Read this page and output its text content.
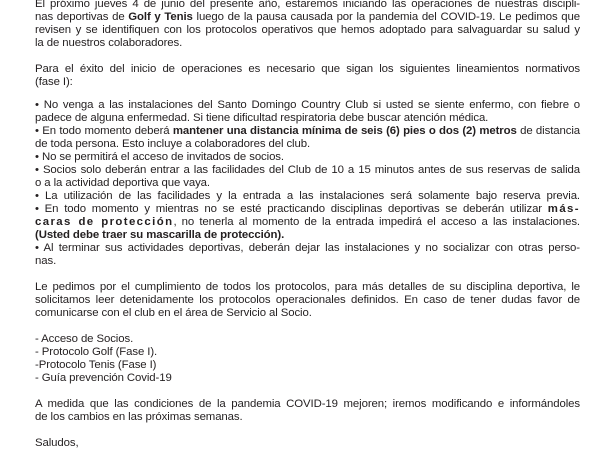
El próximo jueves 4 de junio del presente año, estaremos iniciando las operaciones de nuestras discipli-
nas deportivas de Golf y Tenis luego de la pausa causada por la pandemia del COVID-19. Le pedimos que
revisen y se identifiquen con los protocolos operativos que hemos adoptado para salvaguardar su salud y
la de nuestros colaboradores.
Para el éxito del inicio de operaciones es necesario que sigan los siguientes lineamientos normativos
(fase I):
• No venga a las instalaciones del Santo Domingo Country Club si usted se siente enfermo, con fiebre o
padece de alguna enfermedad. Si tiene dificultad respiratoria debe buscar atención médica.
• En todo momento deberá mantener una distancia mínima de seis (6) pies o dos (2) metros de distancia
de toda persona. Esto incluye a colaboradores del club.
• No se permitirá el acceso de invitados de socios.
• Socios solo deberán entrar a las facilidades del Club de 10 a 15 minutos antes de sus reservas de salida
o a la actividad deportiva que vaya.
• La utilización de las facilidades y la entrada a las instalaciones será solamente bajo reserva previa.
• En todo momento y mientras no se esté practicando disciplinas deportivas se deberán utilizar más-
caras de protección, no tenerla al momento de la entrada impedirá el acceso a las instalaciones.
(Usted debe traer su mascarilla de protección).
• Al terminar sus actividades deportivas, deberán dejar las instalaciones y no socializar con otras perso-
nas.
Le pedimos por el cumplimiento de todos los protocolos, para más detalles de su disciplina deportiva, le
solicitamos leer detenidamente los protocolos operacionales definidos. En caso de tener dudas favor de
comunicarse con el club en el área de Servicio al Socio.
- Acceso de Socios.
- Protocolo Golf (Fase I).
-Protocolo Tenis (Fase I)
- Guía prevención Covid-19
A medida que las condiciones de la pandemia COVID-19 mejoren; iremos modificando e informándoles
de los cambios en las próximas semanas.
Saludos,
